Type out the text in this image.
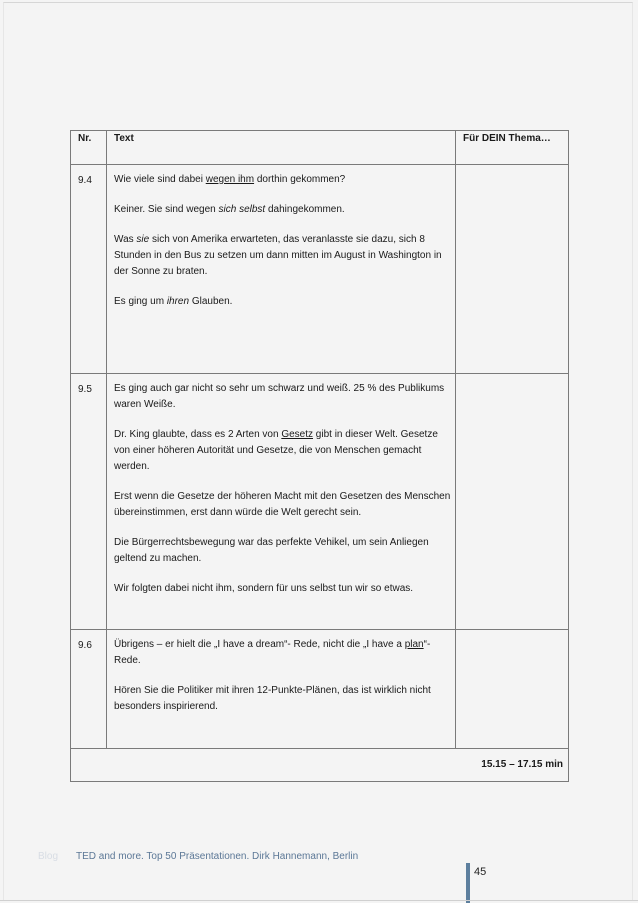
Nr.	Text	Für DEIN Thema…

9.4	Wie viele sind dabei wegen ihm dorthin gekommen?

Keiner. Sie sind wegen sich selbst dahingekommen.

Was sie sich von Amerika erwarteten, das veranlasste sie dazu, sich 8 Stunden in den Bus zu setzen um dann mitten im August in Washington in der Sonne zu braten.

Es ging um ihren Glauben.	

9.5	Es ging auch gar nicht so sehr um schwarz und weiß. 25 % des Publikums waren Weiße.

Dr. King glaubte, dass es 2 Arten von Gesetz gibt in dieser Welt. Gesetze von einer höheren Autorität und Gesetze, die von Menschen gemacht werden.

Erst wenn die Gesetze der höheren Macht mit den Gesetzen des Menschen übereinstimmen, erst dann würde die Welt gerecht sein.

Die Bürgerrechtsbewegung war das perfekte Vehikel, um sein Anliegen geltend zu machen.

Wir folgten dabei nicht ihm, sondern für uns selbst tun wir so etwas.	

9.6	Übrigens – er hielt die „I have a dream“- Rede, nicht die „I have a plan“-Rede.

Hören Sie die Politiker mit ihren 12-Punkte-Plänen, das ist wirklich nicht besonders inspirierend.	

15.15 – 17.15 min		
Blog TED and more. Top 50 Präsentationen. Dirk Hannemann, Berlin
45
